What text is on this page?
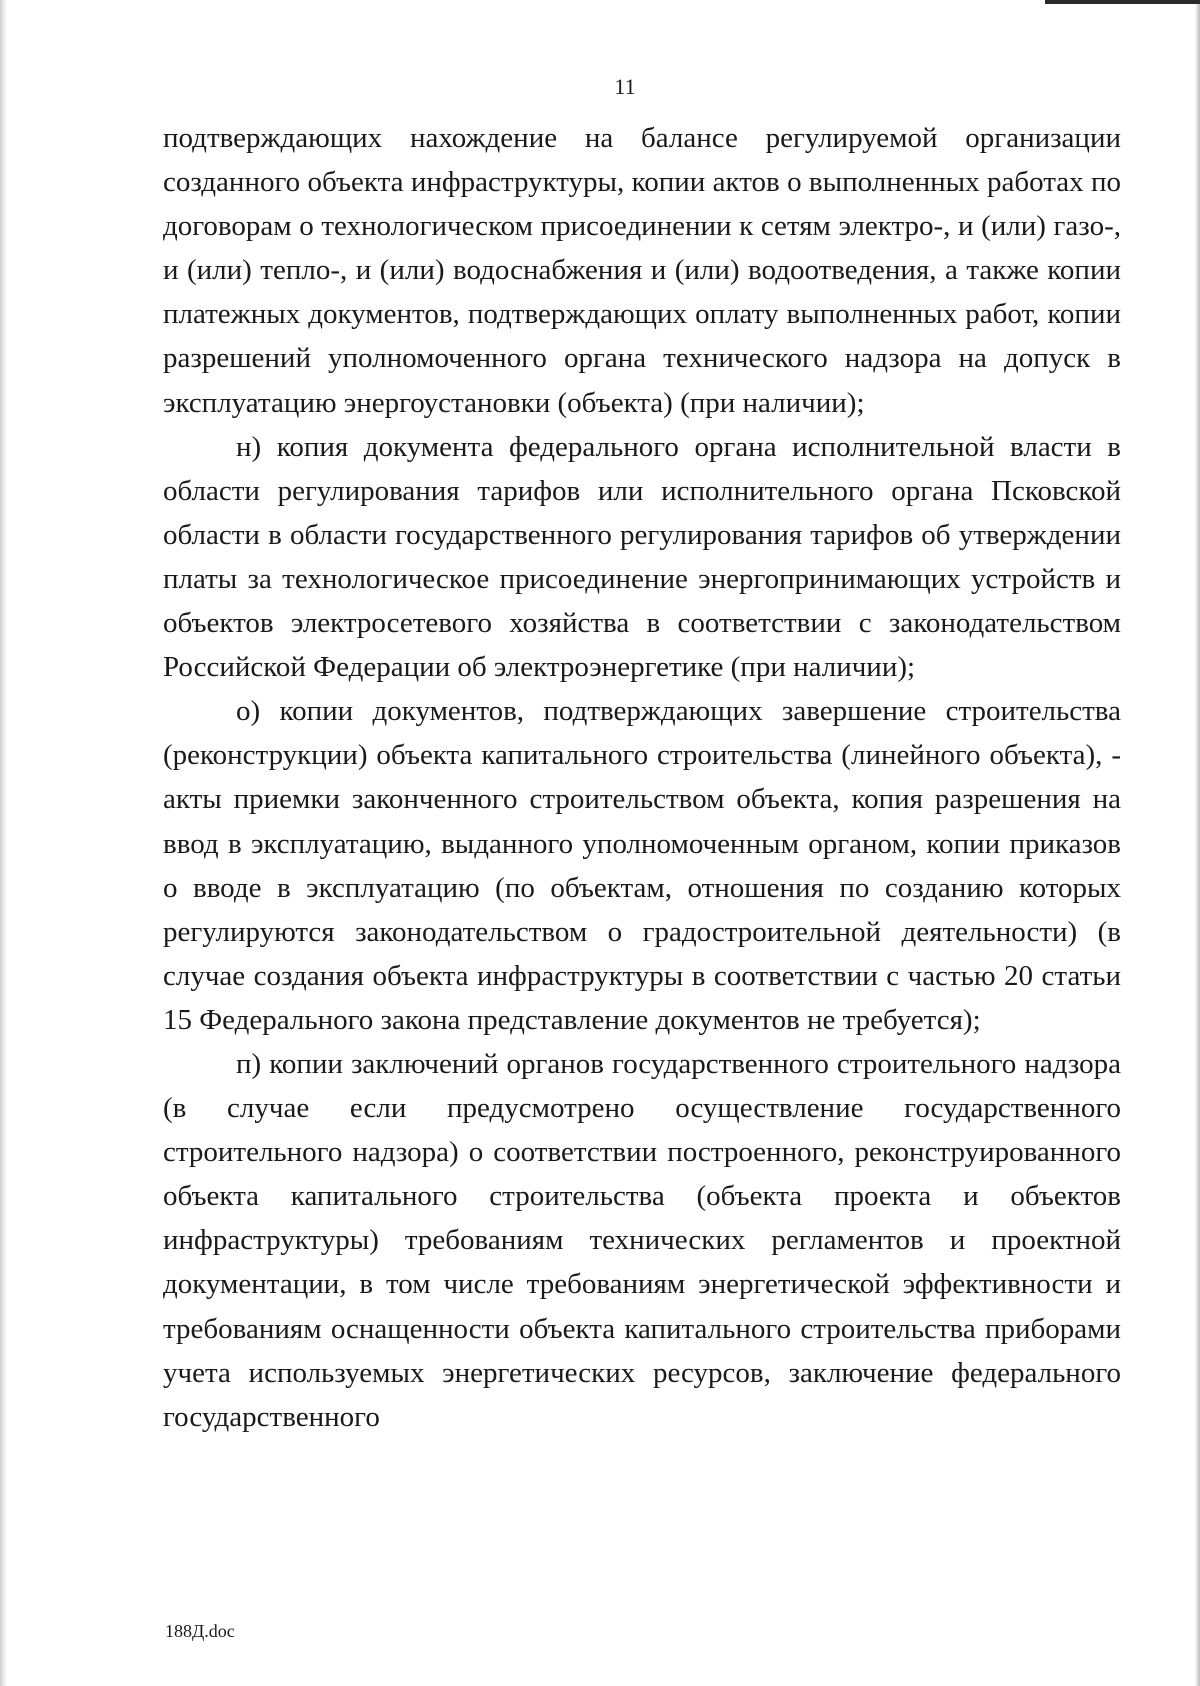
11

подтверждающих нахождение на балансе регулируемой организации созданного объекта инфраструктуры, копии актов о выполненных работах по договорам о технологическом присоединении к сетям электро-, и (или) газо-, и (или) тепло-, и (или) водоснабжения и (или) водоотведения, а также копии платежных документов, подтверждающих оплату выполненных работ, копии разрешений уполномоченного органа технического надзора на допуск в эксплуатацию энергоустановки (объекта) (при наличии);

н) копия документа федерального органа исполнительной власти в области регулирования тарифов или исполнительного органа Псковской области в области государственного регулирования тарифов об утверждении платы за технологическое присоединение энергопринимающих устройств и объектов электросетевого хозяйства в соответствии с законодательством Российской Федерации об электроэнергетике (при наличии);

о) копии документов, подтверждающих завершение строительства (реконструкции) объекта капитального строительства (линейного объекта), - акты приемки законченного строительством объекта, копия разрешения на ввод в эксплуатацию, выданного уполномоченным органом, копии приказов о вводе в эксплуатацию (по объектам, отношения по созданию которых регулируются законодательством о градостроительной деятельности) (в случае создания объекта инфраструктуры в соответствии с частью 20 статьи 15 Федерального закона представление документов не требуется);

п) копии заключений органов государственного строительного надзора (в случае если предусмотрено осуществление государственного строительного надзора) о соответствии построенного, реконструированного объекта капитального строительства (объекта проекта и объектов инфраструктуры) требованиям технических регламентов и проектной документации, в том числе требованиям энергетической эффективности и требованиям оснащенности объекта капитального строительства приборами учета используемых энергетических ресурсов, заключение федерального государственного

188Д.doc
